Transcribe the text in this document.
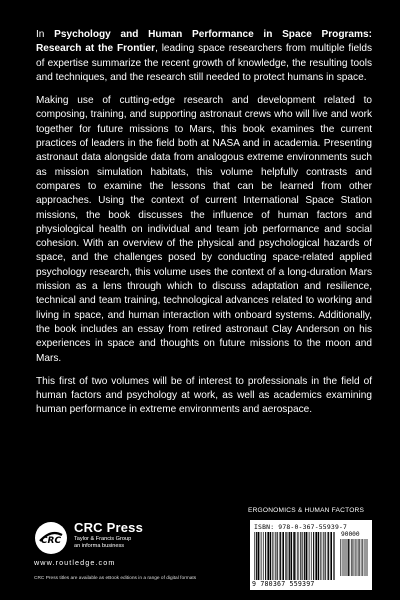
In Psychology and Human Performance in Space Programs: Research at the Frontier, leading space researchers from multiple fields of expertise summarize the recent growth of knowledge, the resulting tools and techniques, and the research still needed to protect humans in space.

Making use of cutting-edge research and development related to composing, training, and supporting astronaut crews who will live and work together for future missions to Mars, this book examines the current practices of leaders in the field both at NASA and in academia. Presenting astronaut data alongside data from analogous extreme environments such as mission simulation habitats, this volume helpfully contrasts and compares to examine the lessons that can be learned from other approaches. Using the context of current International Space Station missions, the book discusses the influence of human factors and physiological health on individual and team job performance and social cohesion. With an overview of the physical and psychological hazards of space, and the challenges posed by conducting space-related applied psychology research, this volume uses the context of a long-duration Mars mission as a lens through which to discuss adaptation and resilience, technical and team training, technological advances related to working and living in space, and human interaction with onboard systems. Additionally, the book includes an essay from retired astronaut Clay Anderson on his experiences in space and thoughts on future missions to the moon and Mars.

This first of two volumes will be of interest to professionals in the field of human factors and psychology at work, as well as academics examining human performance in extreme environments and aerospace.

CRC
CRC Press
Taylor & Francis Group
an informa business
www.routledge.com
CRC Press titles are available as eBook editions in a range of digital formats
ERGONOMICS & HUMAN FACTORS
ISBN: 978-0-367-55939-7
90000
9 780367 559397
